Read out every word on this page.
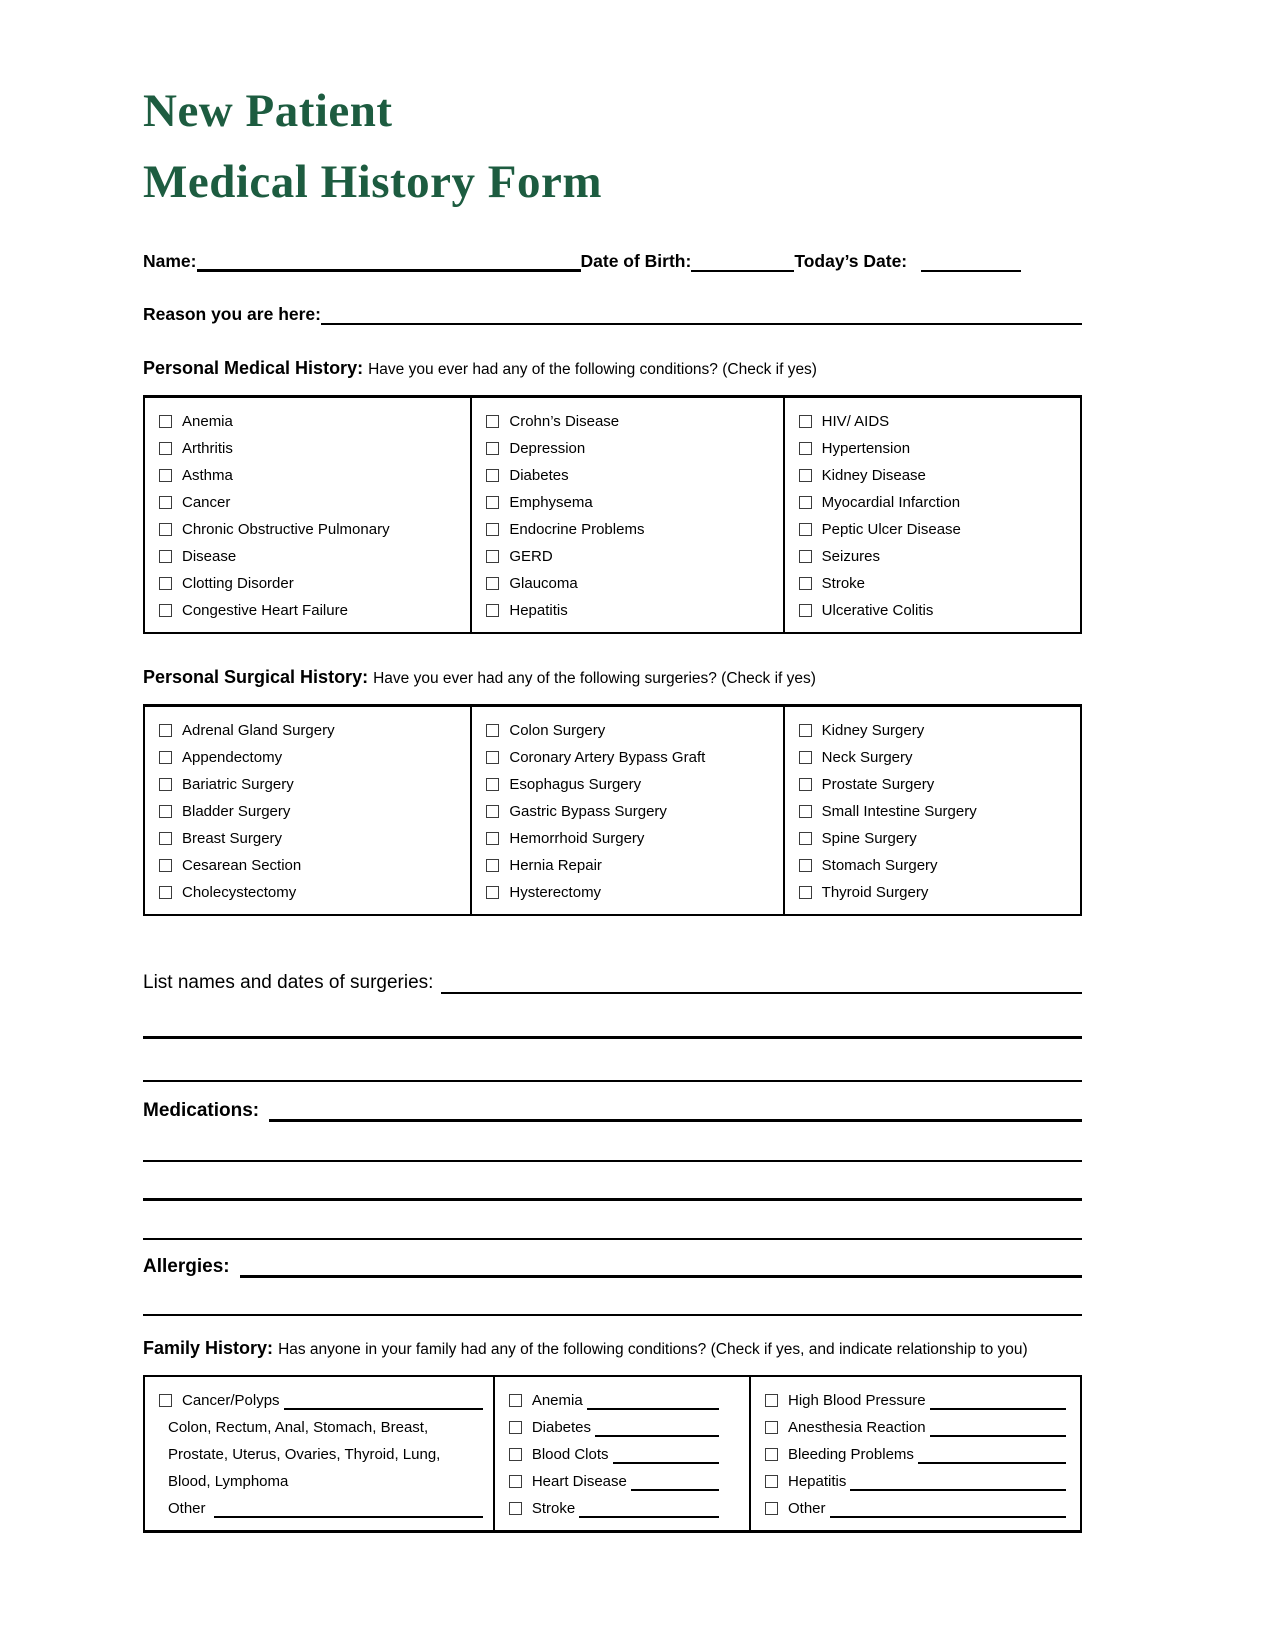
New Patient
Medical History Form
Name:	Date of Birth:	Today’s Date:
Reason you are here:
Personal Medical History: Have you ever had any of the following conditions? (Check if yes)
Anemia
Arthritis
Asthma
Cancer
Chronic Obstructive Pulmonary
Disease
Clotting Disorder
Congestive Heart Failure
Crohn’s Disease
Depression
Diabetes
Emphysema
Endocrine Problems
GERD
Glaucoma
Hepatitis
HIV/ AIDS
Hypertension
Kidney Disease
Myocardial Infarction
Peptic Ulcer Disease
Seizures
Stroke
Ulcerative Colitis
Personal Surgical History: Have you ever had any of the following surgeries? (Check if yes)
Adrenal Gland Surgery
Appendectomy
Bariatric Surgery
Bladder Surgery
Breast Surgery
Cesarean Section
Cholecystectomy
Colon Surgery
Coronary Artery Bypass Graft
Esophagus Surgery
Gastric Bypass Surgery
Hemorrhoid Surgery
Hernia Repair
Hysterectomy
Kidney Surgery
Neck Surgery
Prostate Surgery
Small Intestine Surgery
Spine Surgery
Stomach Surgery
Thyroid Surgery
List names and dates of surgeries:
Medications:
Allergies:
Family History: Has anyone in your family had any of the following conditions? (Check if yes, and indicate relationship to you)
Cancer/Polyps
Colon, Rectum, Anal, Stomach, Breast,
Prostate, Uterus, Ovaries, Thyroid, Lung,
Blood, Lymphoma
Other
Anemia
Diabetes
Blood Clots
Heart Disease
Stroke
High Blood Pressure
Anesthesia Reaction
Bleeding Problems
Hepatitis
Other
